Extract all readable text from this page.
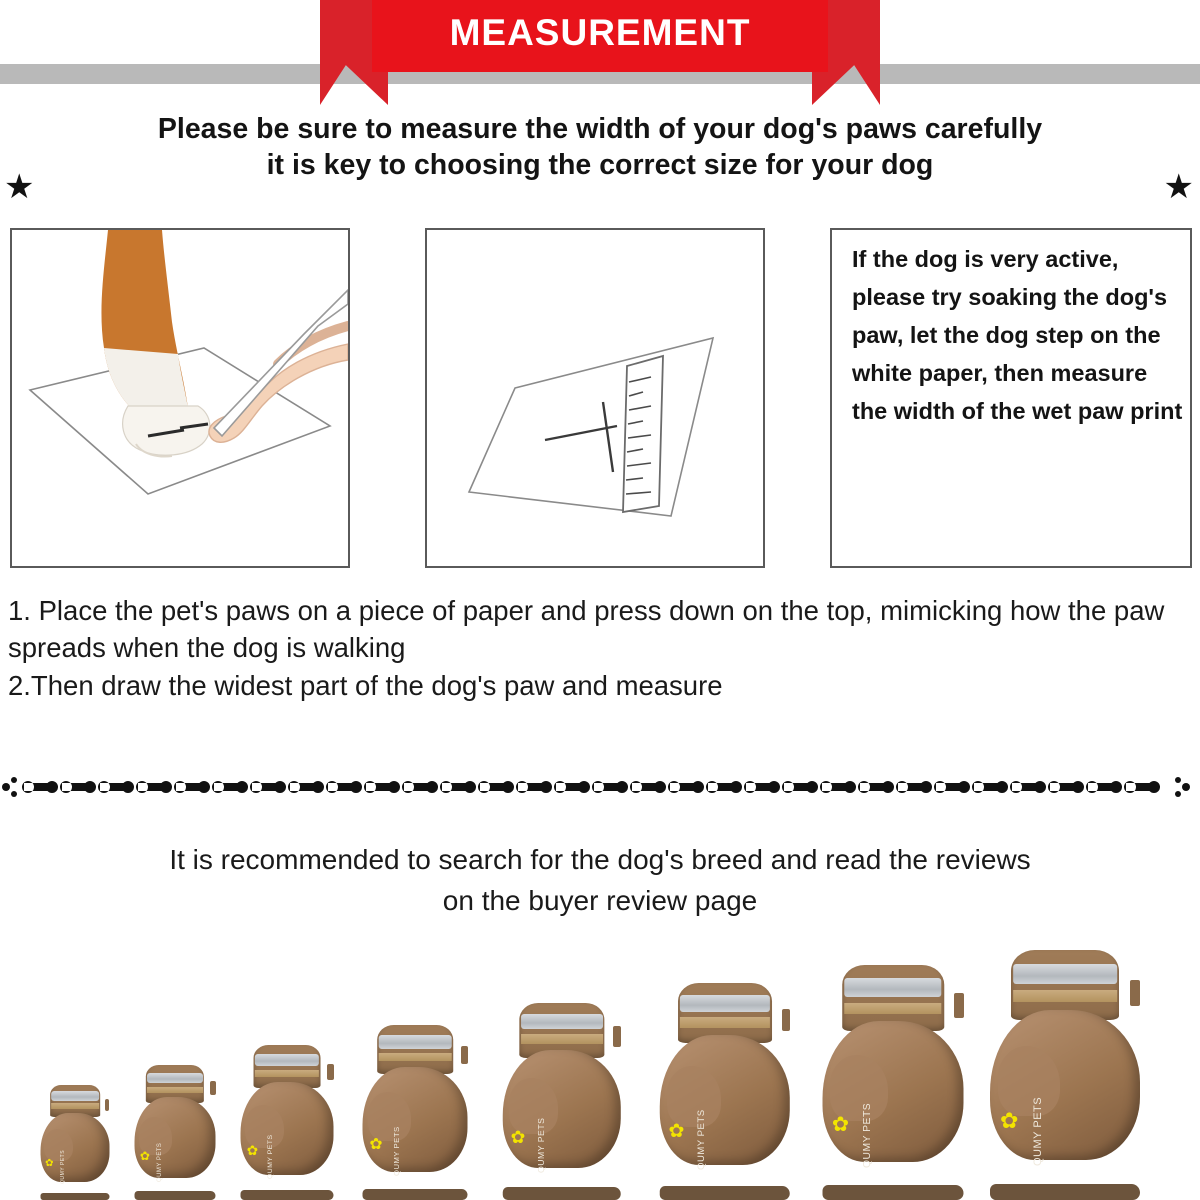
MEASUREMENT
Please be sure to measure the width of your dog's paws carefully
it is key to choosing the correct size for your dog
★	★
If the dog is very active, please try soaking the dog's paw, let the dog step on the white paper, then measure the width of the wet paw print
1. Place the pet's paws on a piece of paper and press down on the top, mimicking how the paw spreads when the dog is walking
2.Then draw the widest part of the dog's paw and measure
It is recommended to search for the dog's breed and read the reviews
on the buyer review page
✿ QUMY PETS	✿ QUMY PETS	✿ QUMY PETS	✿ QUMY PETS	✿ QUMY PETS	✿ QUMY PETS	✿ QUMY PETS	✿ QUMY PETS
